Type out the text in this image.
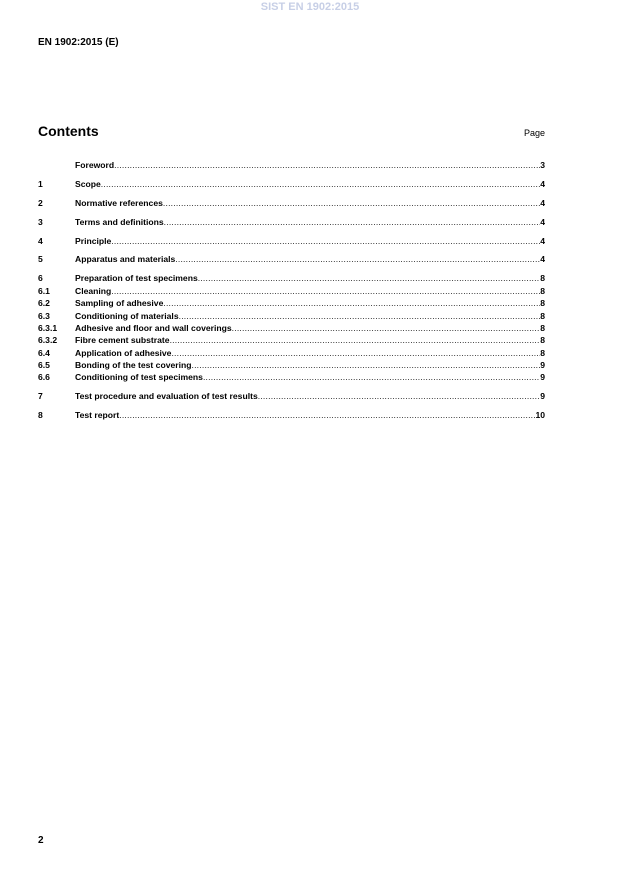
SIST EN 1902:2015
EN 1902:2015 (E)
Contents	Page
Foreword .....	3
1	Scope .....	4
2	Normative references .....	4
3	Terms and definitions .....	4
4	Principle .....	4
5	Apparatus and materials .....	4
6	Preparation of test specimens .....	8
6.1	Cleaning .....	8
6.2	Sampling of adhesive .....	8
6.3	Conditioning of materials .....	8
6.3.1	Adhesive and floor and wall coverings .....	8
6.3.2	Fibre cement substrate .....	8
6.4	Application of adhesive .....	8
6.5	Bonding of the test covering .....	9
6.6	Conditioning of test specimens .....	9
7	Test procedure and evaluation of test results .....	9
8	Test report .....	10
2
